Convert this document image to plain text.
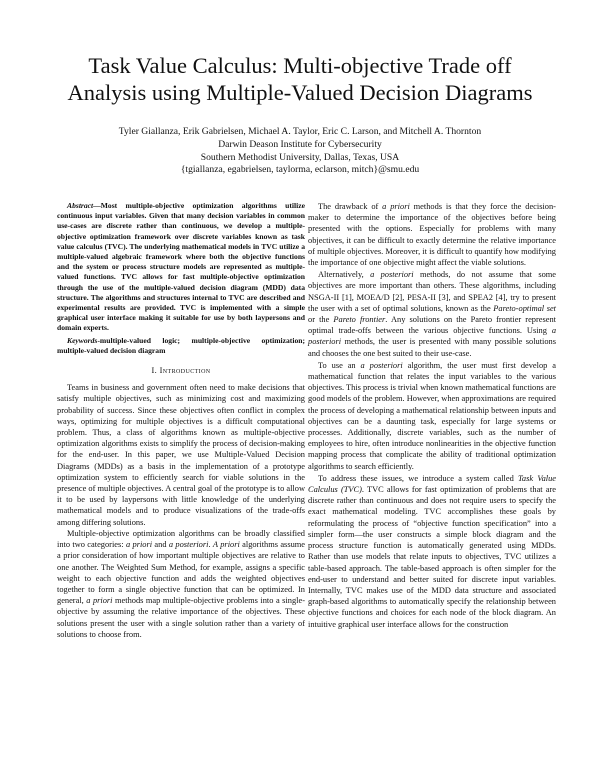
Task Value Calculus: Multi-objective Trade off
Analysis using Multiple-Valued Decision Diagrams
Tyler Giallanza, Erik Gabrielsen, Michael A. Taylor, Eric C. Larson, and Mitchell A. Thornton
Darwin Deason Institute for Cybersecurity
Southern Methodist University, Dallas, Texas, USA
{tgiallanza, egabrielsen, taylorma, eclarson, mitch}@smu.edu

Abstract—Most multiple-objective optimization algorithms utilize continuous input variables. Given that many decision variables in common use-cases are discrete rather than continuous, we develop a multiple-objective optimization framework over discrete variables known as task value calculus (TVC). The underlying mathematical models in TVC utilize a multiple-valued algebraic framework where both the objective functions and the system or process structure models are represented as multiple-valued functions. TVC allows for fast multiple-objective optimization through the use of the multiple-valued decision diagram (MDD) data structure. The algorithms and structures internal to TVC are described and experimental results are provided. TVC is implemented with a simple graphical user interface making it suitable for use by both laypersons and domain experts.

Keywords-multiple-valued logic; multiple-objective optimization; multiple-valued decision diagram

I. Introduction

Teams in business and government often need to make decisions that satisfy multiple objectives, such as minimizing cost and maximizing probability of success. Since these objectives often conflict in complex ways, optimizing for multiple objectives is a difficult computational problem. Thus, a class of algorithms known as multiple-objective optimization algorithms exists to simplify the process of decision-making for the end-user. In this paper, we use Multiple-Valued Decision Diagrams (MDDs) as a basis in the implementation of a prototype optimization system to efficiently search for viable solutions in the presence of multiple objectives. A central goal of the prototype is to allow it to be used by laypersons with little knowledge of the underlying mathematical models and to produce visualizations of the trade-offs among differing solutions.

Multiple-objective optimization algorithms can be broadly classified into two categories: a priori and a posteriori. A priori algorithms assume a prior consideration of how important multiple objectives are relative to one another. The Weighted Sum Method, for example, assigns a specific weight to each objective function and adds the weighted objectives together to form a single objective function that can be optimized. In general, a priori methods map multiple-objective problems into a single-objective by assuming the relative importance of the objectives. These solutions present the user with a single solution rather than a variety of solutions to choose from.

The drawback of a priori methods is that they force the decision-maker to determine the importance of the objectives before being presented with the options. Especially for problems with many objectives, it can be difficult to exactly determine the relative importance of multiple objectives. Moreover, it is difficult to quantify how modifying the importance of one objective might affect the viable solutions.

Alternatively, a posteriori methods, do not assume that some objectives are more important than others. These algorithms, including NSGA-II [1], MOEA/D [2], PESA-II [3], and SPEA2 [4], try to present the user with a set of optimal solutions, known as the Pareto-optimal set or the Pareto frontier. Any solutions on the Pareto frontier represent optimal trade-offs between the various objective functions. Using a posteriori methods, the user is presented with many possible solutions and chooses the one best suited to their use-case.

To use an a posteriori algorithm, the user must first develop a mathematical function that relates the input variables to the various objectives. This process is trivial when known mathematical functions are good models of the problem. However, when approximations are required the process of developing a mathematical relationship between inputs and objectives can be a daunting task, especially for large systems or processes. Additionally, discrete variables, such as the number of employees to hire, often introduce nonlinearities in the objective function mapping process that complicate the ability of traditional optimization algorithms to search efficiently.

To address these issues, we introduce a system called Task Value Calculus (TVC). TVC allows for fast optimization of problems that are discrete rather than continuous and does not require users to specify the exact mathematical modeling. TVC accomplishes these goals by reformulating the process of “objective function specification” into a simpler form—the user constructs a simple block diagram and the process structure function is automatically generated using MDDs. Rather than use models that relate inputs to objectives, TVC utilizes a table-based approach. The table-based approach is often simpler for the end-user to understand and better suited for discrete input variables. Internally, TVC makes use of the MDD data structure and associated graph-based algorithms to automatically specify the relationship between objective functions and choices for each node of the block diagram. An intuitive graphical user interface allows for the construction
